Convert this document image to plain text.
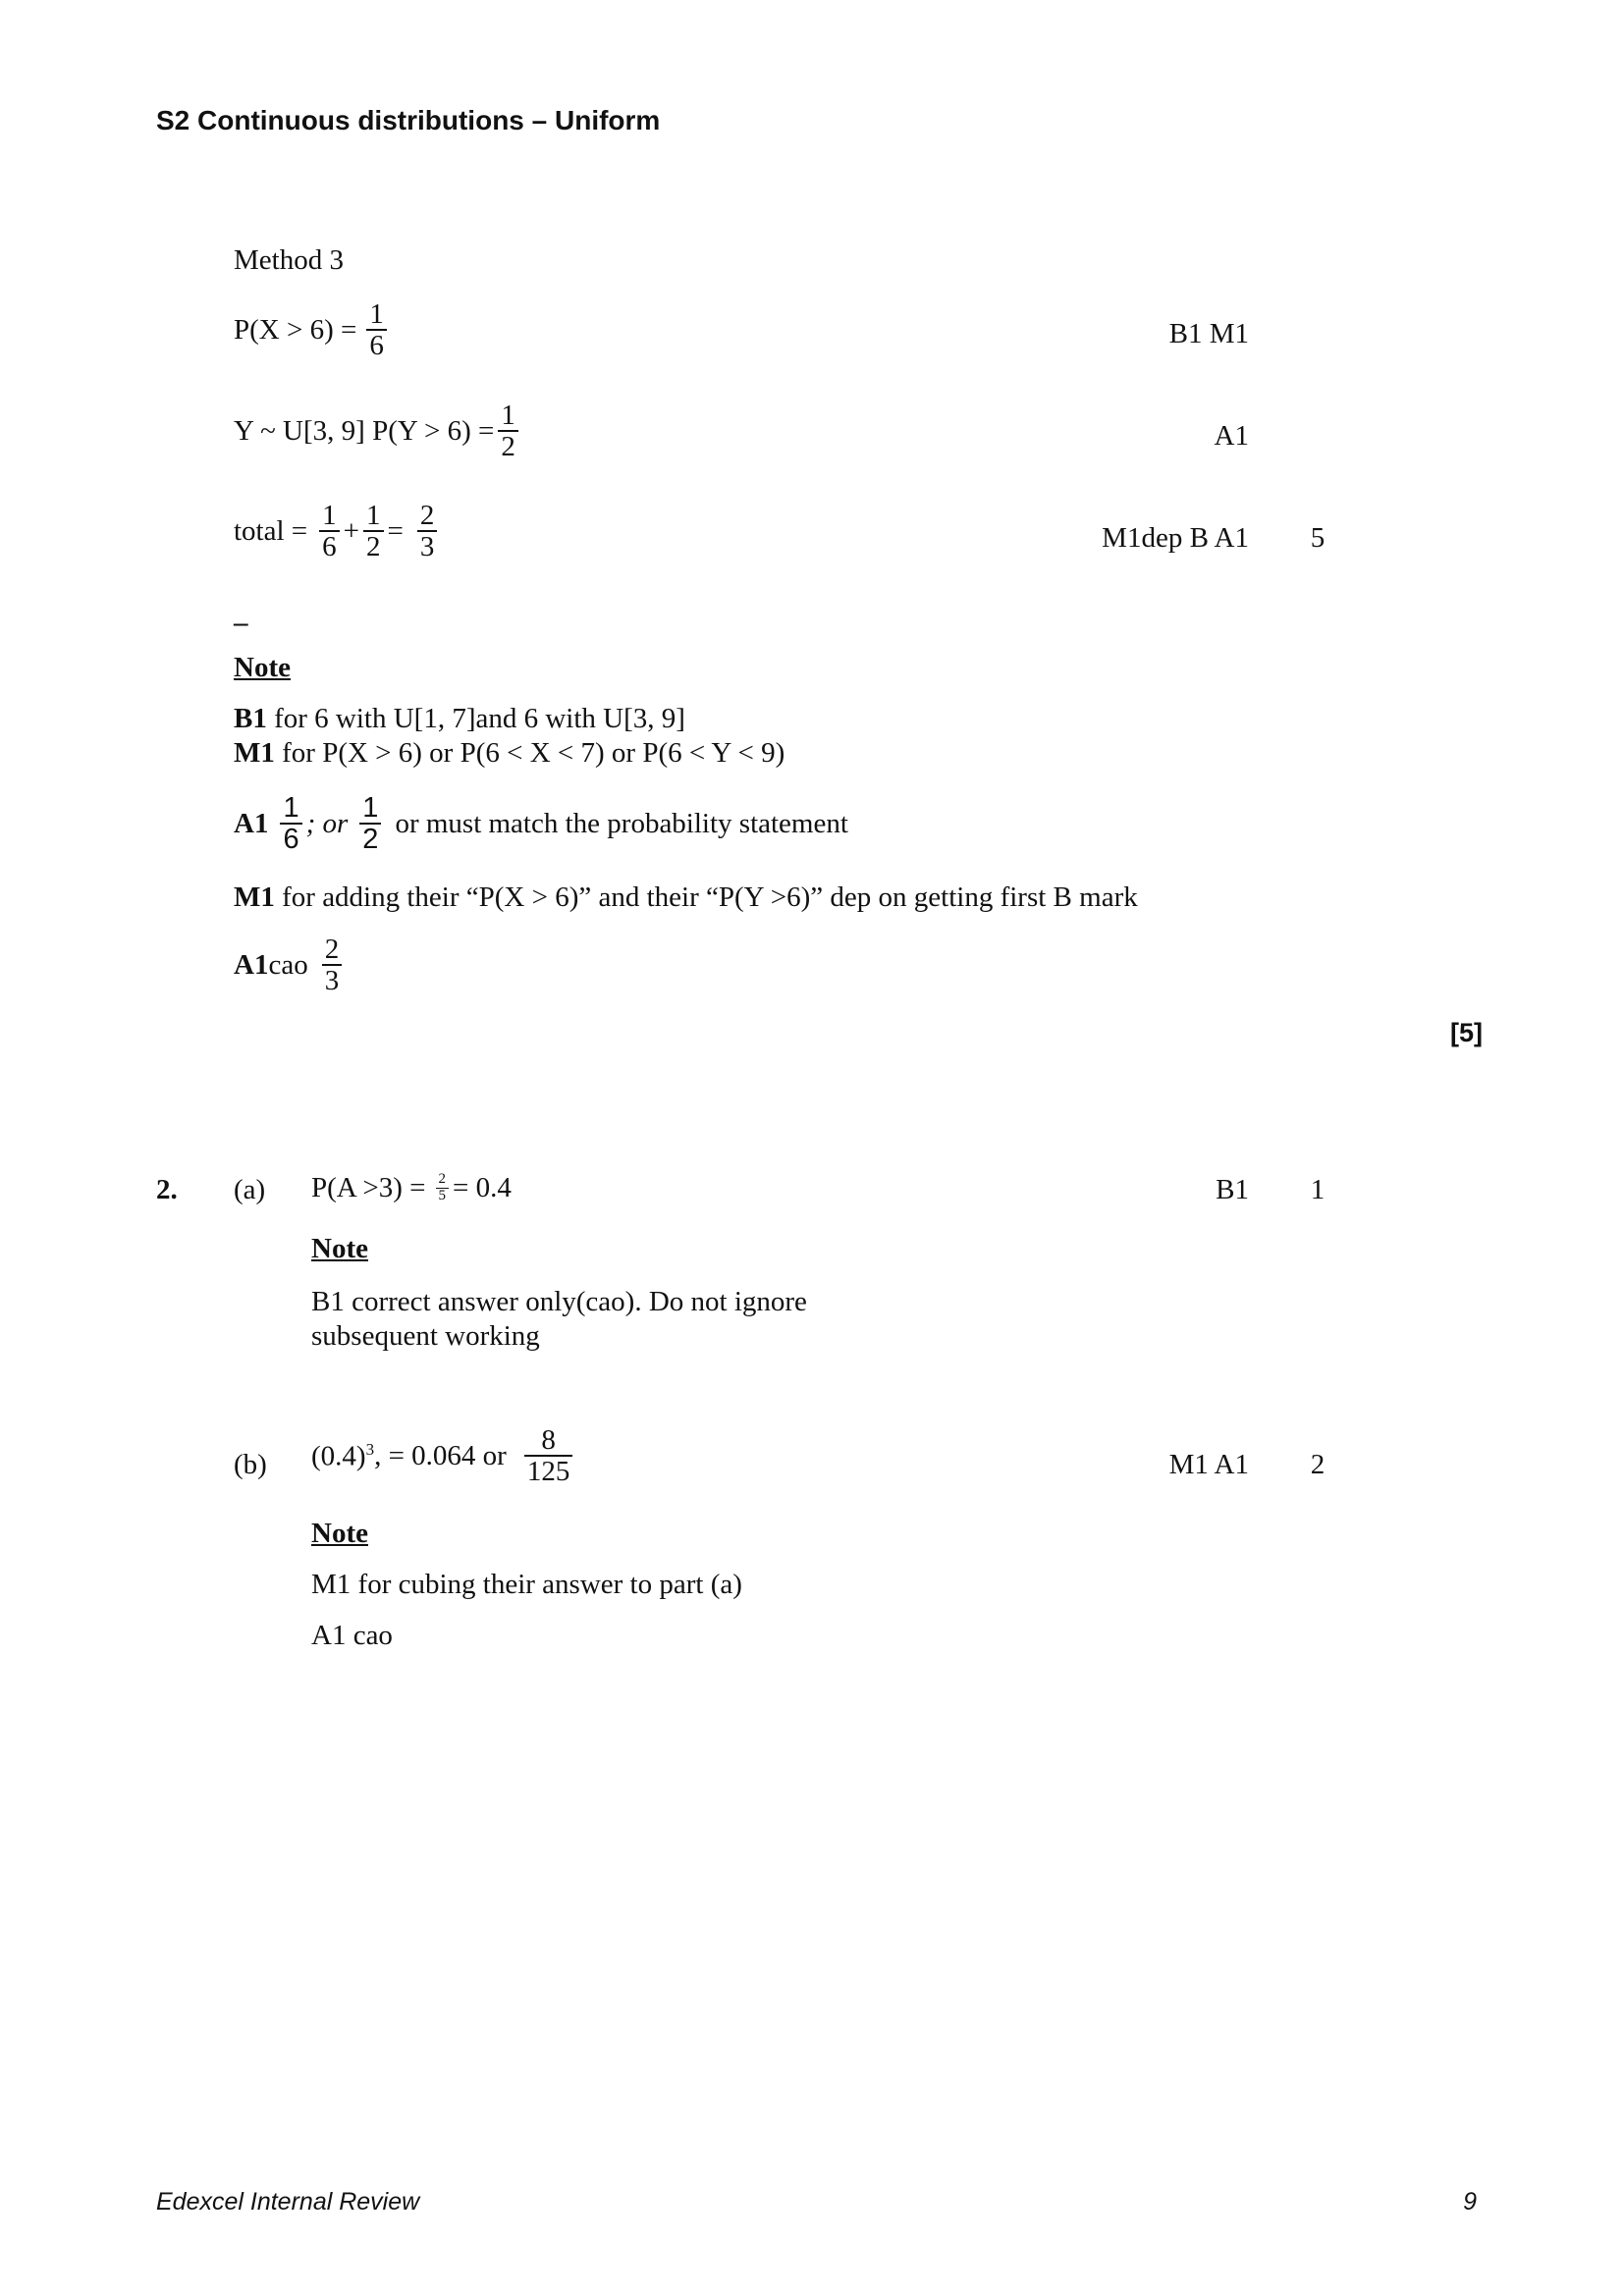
S2 Continuous distributions – Uniform
Method 3
$P(X > 6) = \frac{1}{6}$	B1 M1
Y ~ U[3, 9] $P(Y > 6) = \frac{1}{2}$	A1
total = $\frac{1}{6} + \frac{1}{2} = \frac{2}{3}$	M1dep B A1	5
–
Note
B1 for 6 with U[1, 7]and 6 with U[3, 9]
M1 for P(X > 6) or P(6 < X < 7) or P(6 < Y < 9)
$A1 \frac{1}{6}$ ; or $\frac{1}{2}$ or must match the probability statement
M1 for adding their “P(X > 6)” and their “P(Y >6)” dep on getting first B mark
A1 cao $\frac{2}{3}$
[5]
2. (a) $P(A >3) = \frac{2}{5} = 0.4$	B1	1
Note
B1 correct answer only(cao). Do not ignore
subsequent working
(b) $(0.4)^3$ , = 0.064 or $\frac{8}{125}$	M1 A1	2
Note
M1 for cubing their answer to part (a)
A1 cao
Edexcel Internal Review	9
